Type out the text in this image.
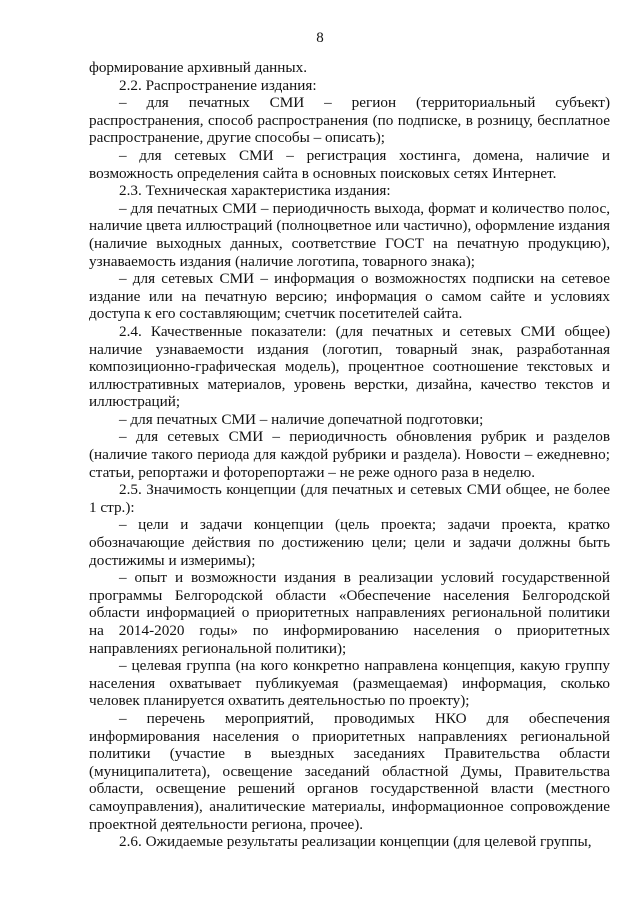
8

формирование архивный данных.

2.2. Распространение издания:

– для печатных СМИ – регион (территориальный субъект) распространения, способ распространения (по подписке, в розницу, бесплатное распространение, другие способы – описать);

– для сетевых СМИ – регистрация хостинга, домена, наличие и возможность определения сайта в основных поисковых сетях Интернет.

2.3. Техническая характеристика издания:

– для печатных СМИ – периодичность выхода, формат и количество полос, наличие цвета иллюстраций (полноцветное или частично), оформление издания (наличие выходных данных, соответствие ГОСТ на печатную продукцию), узнаваемость издания (наличие логотипа, товарного знака);

– для сетевых СМИ – информация о возможностях подписки на сетевое издание или на печатную версию; информация о самом сайте и условиях доступа к его составляющим; счетчик посетителей сайта.

2.4. Качественные показатели: (для печатных и сетевых СМИ общее) наличие узнаваемости издания (логотип, товарный знак, разработанная композиционно-графическая модель), процентное соотношение текстовых и иллюстративных материалов, уровень верстки, дизайна, качество текстов и иллюстраций;

– для печатных СМИ – наличие допечатной подготовки;

– для сетевых СМИ – периодичность обновления рубрик и разделов (наличие такого периода для каждой рубрики и раздела). Новости – ежедневно; статьи, репортажи и фоторепортажи – не реже одного раза в неделю.

2.5. Значимость концепции (для печатных и сетевых СМИ общее, не более 1 стр.):

– цели и задачи концепции (цель проекта; задачи проекта, кратко обозначающие действия по достижению цели; цели и задачи должны быть достижимы и измеримы);

– опыт и возможности издания в реализации условий государственной программы Белгородской области «Обеспечение населения Белгородской области информацией о приоритетных направлениях региональной политики на 2014-2020 годы» по информированию населения о приоритетных направлениях региональной политики);

– целевая группа (на кого конкретно направлена концепция, какую группу населения охватывает публикуемая (размещаемая) информация, сколько человек планируется охватить деятельностью по проекту);

– перечень мероприятий, проводимых НКО для обеспечения информирования населения о приоритетных направлениях региональной политики (участие в выездных заседаниях Правительства области (муниципалитета), освещение заседаний областной Думы, Правительства области, освещение решений органов государственной власти (местного самоуправления), аналитические материалы, информационное сопровождение проектной деятельности региона, прочее).

2.6. Ожидаемые результаты реализации концепции (для целевой группы,
